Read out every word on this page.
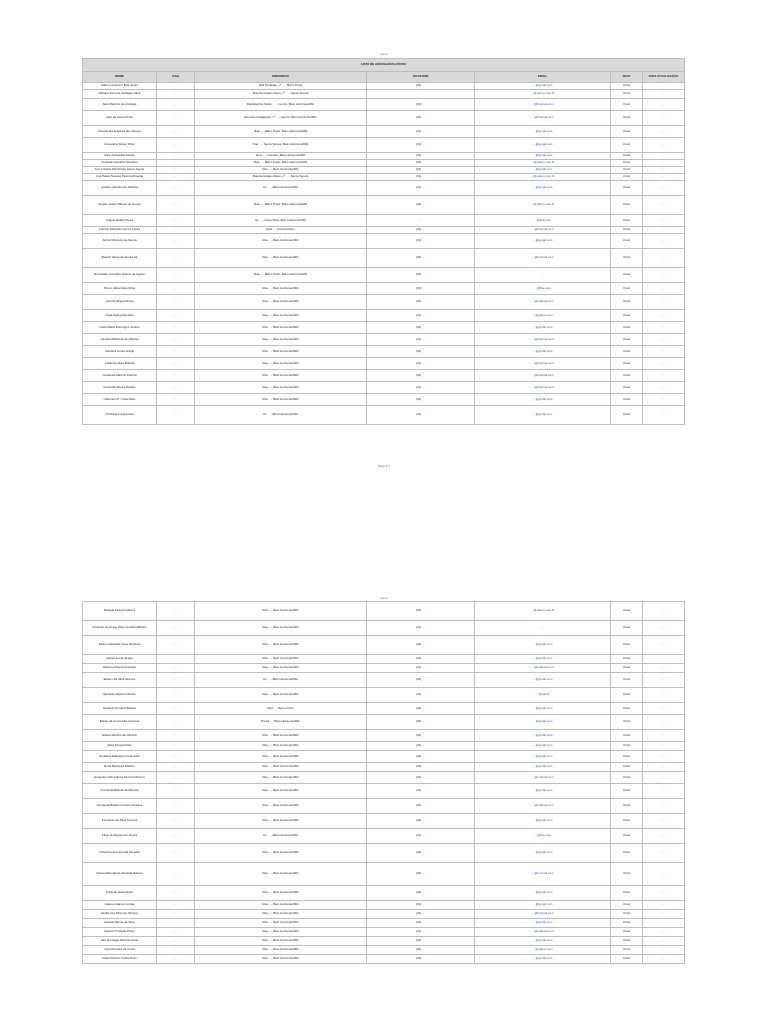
Anexo
LISTA DE ADVOGADOS ATIVOS						
NOME	OAB	ENDEREÇO	TELEFONE	EMAIL	JECP	DATA ATUALIZAÇÃO
Adamo Antonino Boa Junior	…	Rua Paracatu, nº …, Barro Preto	(31) …	…@gmail.com	Cível	…
Adriana Ferreira Santiago Silva	…	Rua Herculano Alves, nº …, Santa Tereza	…	…@yahoo.com.br	Cível	…
Alan Marinho de Andrade	…	Rua Espírito Santo, …, Centro, Belo Horizonte/MG	(31) …	…@hotmail.com	Cível	…
Alan da Souza Pinto	…	Rua dos Guajajaras, nº …, Centro, Belo Horizonte/MG	(31) …	…@hotmail.com	Cível	…
Alessandra Eugênia dos Santos	…	Rua …, Barro Preto, Belo Horizonte/MG	(31) …	…@gmail.com	Cível	…
Alexandre Xavier Pinto	…	Rua …, Santa Teresa, Belo Horizonte/MG	(31) …	…@gmail.com	Cível	…
Alice Aparecida Santos	…	Rua …, Lourdes, Belo Horizonte/MG	(31) …	…@gmail.com	Cível	…
Amanda Carvalho Monteiro	…	Rua …, Barro Preto, Belo Horizonte/MG	(31) …	…@yahoo.com.br	Cível	…
Ana Cristina Fabricante Hauer Aguiar	…	Rua …, Belo Horizonte/MG	(31) …	…@gmail.com	Cível	…
Ana Paula Tavares Pereira Almeida	…	Rua Herculano Alves, nº …, Santa Tereza	(31) …	…@yahoo.com.br	Cível	…
Andrea Carolina de Oliveira	…	Av. …, Belo Horizonte/MG	(31) …	…@gmail.com	Cível	…
Angelo Júnior Ribeiro de Souza	…	Rua …, Barro Preto, Belo Horizonte/MG	(31) …	…@yahoo.com.br	Cível	…
Angelo Rafael Vieira	…	Av. …, Nova Vista, Belo Horizonte/MG	…	…@live.com	Cível	…
Antônio Eduardo Lemos Lopes	…	Rua …, Funcionários	(31) …	…@hotmail.com	Cível	…
Arthur Montezuma Souza	…	Rua …, Belo Horizonte/MG	(31) …	…@gmail.com	Cível	…
Beatriz Vieira de Sousa Sá	…	Rua …, Belo Horizonte/MG	(31) …	…@hotmail.com	Cível	…
Bernadete Carvalho Soares de Aguiar	…	Rua …, Barro Preto, Belo Horizonte/MG	(31) …	…	Cível	…
Bruno Jabet Dias Silva	…	Rua …, Belo Horizonte/MG	(31) …	…@live.com	Cível	…
Camila Régina Rosa	…	Rua …, Belo Horizonte/MG	(31) …	…@outlook.com	Cível	…
Carla Aparecida Silva	…	Rua …, Belo Horizonte/MG	(31) …	…@yahoo.com	Cível	…
Carla Maria Domingos Justino	…	Rua …, Belo Horizonte/MG	(31) …	…@gmail.com	Cível	…
Carolina Barbosa de Oliveira	…	Rua …, Belo Horizonte/MG	(31) …	…@hotmail.com	Cível	…
Carolina Lucas Araújo	…	Rua …, Belo Horizonte/MG	(31) …	…@gmail.com	Cível	…
Catarina Alves Batista	…	Rua …, Belo Horizonte/MG	(31) …	…@hotmail.com	Cível	…
Cinderela Martins Pereira	…	Rua …, Belo Horizonte/MG	(31) …	…@hotmail.com	Cível	…
Cinzia Emília da Martins	…	Rua …, Belo Horizonte/MG	(31) …	…@hotmail.com	Cível	…
Clarence M. Costa Dias	…	Rua …, Belo Horizonte/MG	(31) …	…@gmail.com	Cível	…
Cristiana Lúcia Costa	…	Av. …, Belo Horizonte/MG	(31) …	…@gmail.com	Cível	…
Página 1
Anexo
Daniela Pessoa Santos	…	Rua …, Belo Horizonte/MG	(31) …	…@yahoo.com.br	Cível	…
Cristiano Henrique Pinto Fortaleti Ribeiro	…	Rua …, Belo Horizonte/MG	(31) …	…	Cível	…
Dalton Gabrielle Alves Barbosa	…	Rua …, Belo Horizonte/MG	(31) …	…@gmail.com	Cível	…
Daniel Lucas Braga	…	Rua …, Belo Horizonte/MG	(31) …	…@gmail.com	Cível	…
Débora Oliveira Andrade	…	Rua …, Belo Horizonte/MG	(31) …	…@outlook.com	Cível	…
Edison da Silva Moreira	…	Av. …, Belo Horizonte/MG	(31) …	…@gmail.com	Cível	…
Eduardo Paulino Duarte	…	Rua …, Belo Horizonte/MG	(31) …	…@adv.br	Cível	…
Eduardo Ferreira Batista	…	Rua …, Barro Preto	(31) …	…@gmail.com	Cível	…
Elaine da Conceição Campos	…	Praça …, Belo Horizonte/MG	(31) …	…@gmail.com	Cível	…
Eliana Martins de Oliveira	…	Rua …, Belo Horizonte/MG	(31) …	…@gmail.com	Cível	…
Elisa Pereira Reis	…	Rua …, Belo Horizonte/MG	(31) …	…@gmail.com	Cível	…
Emiliana Nathalya Costa Silva	…	Rua …, Belo Horizonte/MG	(31) …	…@gmail.com	Cível	…
Erica Marcieira Martins	…	Rua …, Belo Horizonte/MG	(31) …	…@gmail.com	Cível	…
Ezequiel Carlos Rosa Pereira Moreira	…	Rua …, Belo Horizonte/MG	(31) …	…@outlook.com	Cível	…
Fernanda Batista da Oliveira	…	Rua …, Belo Horizonte/MG	(31) …	…@gmail.com	Cível	…
Fernanda Beatriz Ferreira Guedes	…	Rua …, Belo Horizonte/MG	(31) …	…@outlook.com	Cível	…
Fernanda da Silva Teixeira	…	Rua …, Belo Horizonte/MG	(31) …	…@gmail.com	Cível	…
Filipe Rodrigues de Souza	…	Av. …, Belo Horizonte/MG	(31) …	…@live.com	Cível	…
Flávia Pereira Amaral Almeida	…	Rua …, Belo Horizonte/MG	(31) …	…@gmail.com	Cível	…
Flávia Marinelli de Almeida Ribeiro	…	Rua …, Belo Horizonte/MG	(31) …	…@hotmail.com	Cível	…
Frederik Hettenbach	…	Rua …, Belo Horizonte/MG	(31) …	…@gmail.com	Cível	…
Glauco Adamo Corrêa	…	Rua …, Belo Horizonte/MG	(31) …	…@gmail.com	Cível	…
Guilherme Pinto de Oliveira	…	Rua …, Belo Horizonte/MG	(31) …	…@hotmail.com	Cível	…
Haroldo Bento da Silva	…	Rua …, Belo Horizonte/MG	(31) …	…@gmail.com	Cível	…
Helena Trindade Pinho	…	Rua …, Belo Horizonte/MG	(31) …	…@outlook.com	Cível	…
Iara Gonzaga Pereira Costa	…	Rua …, Belo Horizonte/MG	(31) …	…@gmail.com	Cível	…
Ingrid Pereira da Costa	…	Rua …, Belo Horizonte/MG	(31) …	…@yahoo.com	Cível	…
Israel Padron Costa Alves	…	Rua …, Belo Horizonte/MG	(31) …	…@gmail.com	Cível	…
